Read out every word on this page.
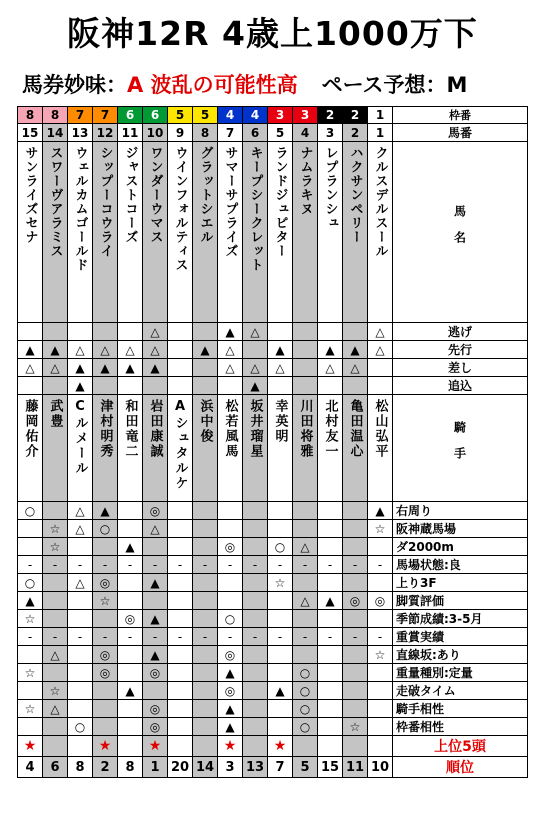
阪神12R 4歳上1000万下
馬券妙味：A 波乱の可能性高 ペース予想：M
8	8	7	7	6	6	5	5	4	4	3	3	2	2	1	枠番
15	14	13	12	11	10	9	8	7	6	5	4	3	2	1	馬番
サンライズセナ	スワーヴアラミス	ウェルカムゴールド	シップーコウライ	ジャストコーズ	ワンダーウマス	ウインフォルティス	グラットシエル	サマーサプライズ	キープシークレット	ランドジュピター	ナムラキヌ	レプランシュ	ハクサンペリー	クルスデルスール	馬名
					△			▲	△					△	逃げ
▲	▲	△	△	△	△		▲	△		▲		▲	▲	△	先行
△	△	▲	▲	▲	▲			△	△	△		△	△		差し
		▲							▲						追込
藤岡佑介	武豊	Cルメール	津村明秀	和田竜二	岩田康誠	Aシュタルケ	浜中俊	松若風馬	坂井瑠星	幸英明	川田将雅	北村友一	亀田温心	松山弘平	騎手
○		△	▲		◎									▲	右周り
	☆	△	○		△									☆	阪神蔵馬場
	☆			▲				◎		○	△				ダ2000m
-	-	-	-	-	-	-	-	-	-	-	-	-	-	-	馬場状態:良
○		△	◎		▲					☆					上り3F
▲			☆								△	▲	◎	◎	脚質評価
☆				◎	▲			○							季節成績:3-5月
-	-	-	-	-	-	-	-	-	-	-	-	-	-	-	重賞実績
	△		◎		▲			◎						☆	直線坂:あり
☆			◎		◎			▲			○				重量種別:定量
	☆			▲				◎		▲	○				走破タイム
☆	△				◎			▲			○				騎手相性
		○			◎			▲			○		☆		枠番相性
★			★		★			★		★					上位5頭
4	6	8	2	8	1	20	14	3	13	7	5	15	11	10	順位
